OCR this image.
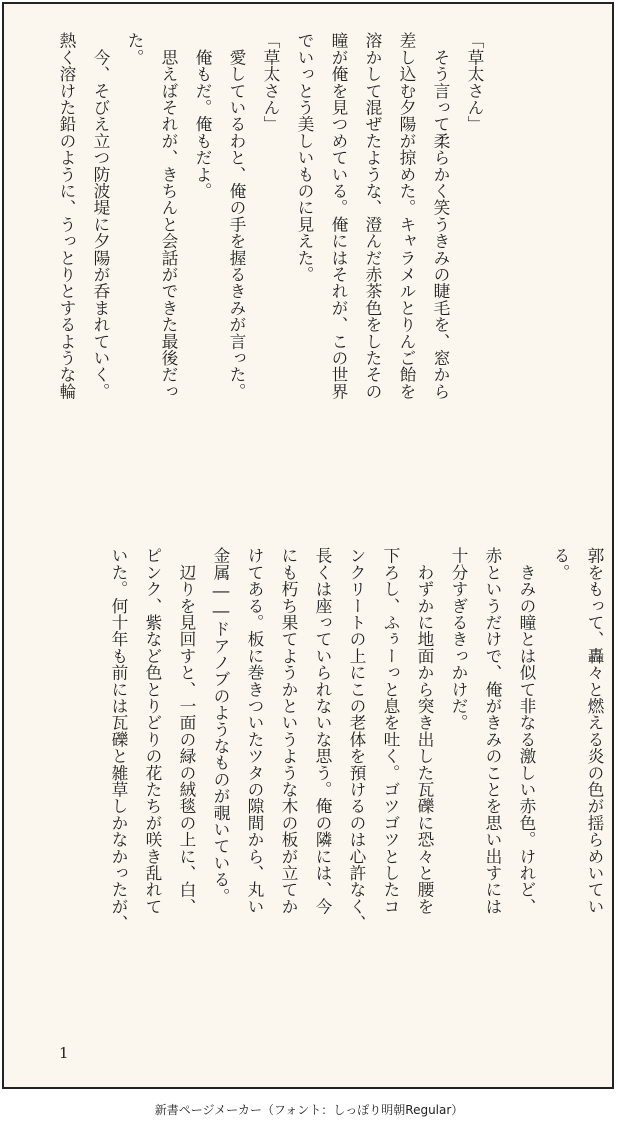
「草太さん」

　そう言って柔らかく笑うきみの睫毛を、窓から

差し込む夕陽が掠めた。キャラメルとりんご飴を

溶かして混ぜたような、澄んだ赤茶色をしたその

瞳が俺を見つめている。俺にはそれが、この世界

でいっとう美しいものに見えた。

「草太さん」

　愛しているわと、俺の手を握るきみが言った。

　俺もだ。俺もだよ。

　思えばそれが、きちんと会話ができた最後だっ

た。

　今、そびえ立つ防波堤に夕陽が呑まれていく。

熱く溶けた鉛のように、うっとりとするような輪

郭をもって、轟々と燃える炎の色が揺らめいてい

る。

　きみの瞳とは似て非なる激しい赤色。けれど、

赤というだけで、俺がきみのことを思い出すには

十分すぎるきっかけだ。

　わずかに地面から突き出した瓦礫に恐々と腰を

下ろし、ふぅーっと息を吐く。ゴツゴツとしたコ

ンクリートの上にこの老体を預けるのは心許なく、

長くは座っていられないな思う。俺の隣には、今

にも朽ち果てようかというような木の板が立てか

けてある。板に巻きついたツタの隙間から、丸い

金属――ドアノブのようなものが覗いている。

　辺りを見回すと、一面の緑の絨毯の上に、白、

ピンク、紫など色とりどりの花たちが咲き乱れて

いた。何十年も前には瓦礫と雑草しかなかったが、

1
新書ページメーカー（フォント：しっぽり明朝Regular）
